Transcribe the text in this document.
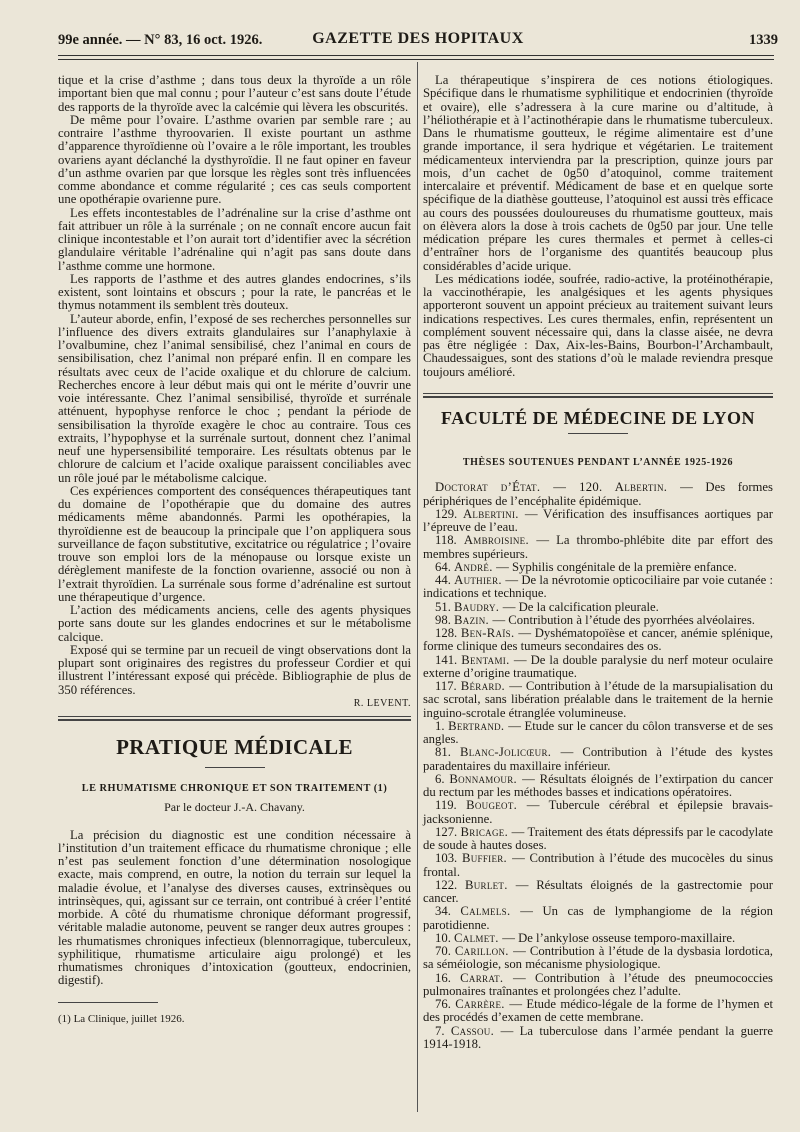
99e année. — N° 83, 16 oct. 1926.	GAZETTE DES HOPITAUX	1339

tique et la crise d’asthme ; dans tous deux la thyroïde a un rôle important bien que mal connu ; pour l’auteur c’est sans doute l’étude des rapports de la thyroïde avec la calcémie qui lèvera les obscurités.

De même pour l’ovaire. L’asthme ovarien par semble rare ; au contraire l’asthme thyroovarien. Il existe pourtant un asthme d’apparence thyroïdienne où l’ovaire a le rôle important, les troubles ovariens ayant déclanché la dysthyroïdie. Il ne faut opiner en faveur d’un asthme ovarien par que lorsque les règles sont très influencées comme abondance et comme régularité ; ces cas seuls comportent une opothérapie ovarienne pure.

Les effets incontestables de l’adrénaline sur la crise d’asthme ont fait attribuer un rôle à la surrénale ; on ne connaît encore aucun fait clinique incontestable et l’on aurait tort d’identifier avec la sécrétion glandulaire véritable l’adrénaline qui n’agit pas sans doute dans l’asthme comme une hormone.

Les rapports de l’asthme et des autres glandes endocrines, s’ils existent, sont lointains et obscurs ; pour la rate, le pancréas et le thymus notamment ils semblent très douteux.

L’auteur aborde, enfin, l’exposé de ses recherches personnelles sur l’influence des divers extraits glandulaires sur l’anaphylaxie à l’ovalbumine, chez l’animal sensibilisé, chez l’animal en cours de sensibilisation, chez l’animal non préparé enfin. Il en compare les résultats avec ceux de l’acide oxalique et du chlorure de calcium. Recherches encore à leur début mais qui ont le mérite d’ouvrir une voie intéressante. Chez l’animal sensibilisé, thyroïde et surrénale atténuent, hypophyse renforce le choc ; pendant la période de sensibilisation la thyroïde exagère le choc au contraire. Tous ces extraits, l’hypophyse et la surrénale surtout, donnent chez l’animal neuf une hypersensibilité temporaire. Les résultats obtenus par le chlorure de calcium et l’acide oxalique paraissent conciliables avec un rôle joué par le métabolisme calcique.

Ces expériences comportent des conséquences thérapeutiques tant du domaine de l’opothérapie que du domaine des autres médicaments même abandonnés. Parmi les opothérapies, la thyroïdienne est de beaucoup la principale que l’on appliquera sous surveillance de façon substitutive, excitatrice ou régulatrice ; l’ovaire trouve son emploi lors de la ménopause ou lorsque existe un dérèglement manifeste de la fonction ovarienne, associé ou non à l’extrait thyroïdien. La surrénale sous forme d’adrénaline est surtout une thérapeutique d’urgence.

L’action des médicaments anciens, celle des agents physiques porte sans doute sur les glandes endocrines et sur le métabolisme calcique.

Exposé qui se termine par un recueil de vingt observations dont la plupart sont originaires des registres du professeur Cordier et qui illustrent l’intéressant exposé qui précède. Bibliographie de plus de 350 références.

R. LEVENT.
PRATIQUE MÉDICALE
LE RHUMATISME CHRONIQUE ET SON TRAITEMENT (1)
Par le docteur J.-A. Chavany.

La précision du diagnostic est une condition nécessaire à l’institution d’un traitement efficace du rhumatisme chronique ; elle n’est pas seulement fonction d’une détermination nosologique exacte, mais comprend, en outre, la notion du terrain sur lequel la maladie évolue, et l’analyse des diverses causes, extrinsèques ou intrinsèques, qui, agissant sur ce terrain, ont contribué à créer l’entité morbide. A côté du rhumatisme chronique déformant progressif, véritable maladie autonome, peuvent se ranger deux autres groupes : les rhumatismes chroniques infectieux (blennorragique, tuberculeux, syphilitique, rhumatisme articulaire aigu prolongé) et les rhumatismes chroniques d’intoxication (goutteux, endocrinien, digestif).

(1) La Clinique, juillet 1926.

La thérapeutique s’inspirera de ces notions étiologiques. Spécifique dans le rhumatisme syphilitique et endocrinien (thyroïde et ovaire), elle s’adressera à la cure marine ou d’altitude, à l’héliothérapie et à l’actinothérapie dans le rhumatisme tuberculeux. Dans le rhumatisme goutteux, le régime alimentaire est d’une grande importance, il sera hydrique et végétarien. Le traitement médicamenteux interviendra par la prescription, quinze jours par mois, d’un cachet de 0g50 d’atoquinol, comme traitement intercalaire et préventif. Médicament de base et en quelque sorte spécifique de la diathèse goutteuse, l’atoquinol est aussi très efficace au cours des poussées douloureuses du rhumatisme goutteux, mais on élèvera alors la dose à trois cachets de 0g50 par jour. Une telle médication prépare les cures thermales et permet à celles-ci d’entraîner hors de l’organisme des quantités beaucoup plus considérables d’acide urique.

Les médications iodée, soufrée, radio-active, la protéinothérapie, la vaccinothérapie, les analgésiques et les agents physiques apporteront souvent un appoint précieux au traitement suivant leurs indications respectives. Les cures thermales, enfin, représentent un complément souvent nécessaire qui, dans la classe aisée, ne devra pas être négligée : Dax, Aix-les-Bains, Bourbon-l’Archambault, Chaudessaigues, sont des stations d’où le malade reviendra presque toujours amélioré.

FACULTÉ DE MÉDECINE DE LYON
THÈSES SOUTENUES PENDANT L’ANNÉE 1925-1926

Doctorat d’État. — 120. Albertin. — Des formes périphériques de l’encéphalite épidémique.

129. Albertini. — Vérification des insuffisances aortiques par l’épreuve de l’eau.

118. Ambroisine. — La thrombo-phlébite dite par effort des membres supérieurs.

64. André. — Syphilis congénitale de la première enfance.

44. Authier. — De la névrotomie opticociliaire par voie cutanée : indications et technique.

51. Baudry. — De la calcification pleurale.

98. Bazin. — Contribution à l’étude des pyorrhées alvéolaires.

128. Ben-Raïs. — Dyshématopoïèse et cancer, anémie splénique, forme clinique des tumeurs secondaires des os.

141. Bentami. — De la double paralysie du nerf moteur oculaire externe d’origine traumatique.

117. Bérard. — Contribution à l’étude de la marsupialisation du sac scrotal, sans libération préalable dans le traitement de la hernie inguino-scrotale étranglée volumineuse.

1. Bertrand. — Etude sur le cancer du côlon transverse et de ses angles.

81. Blanc-Jolicœur. — Contribution à l’étude des kystes paradentaires du maxillaire inférieur.

6. Bonnamour. — Résultats éloignés de l’extirpation du cancer du rectum par les méthodes basses et indications opératoires.

119. Bougeot. — Tubercule cérébral et épilepsie bravais-jacksonienne.

127. Bricage. — Traitement des états dépressifs par le cacodylate de soude à hautes doses.

103. Buffier. — Contribution à l’étude des mucocèles du sinus frontal.

122. Burlet. — Résultats éloignés de la gastrectomie pour cancer.

34. Calmels. — Un cas de lymphangiome de la région parotidienne.

10. Calmet. — De l’ankylose osseuse temporo-maxillaire.

70. Carillon. — Contribution à l’étude de la dysbasia lordotica, sa séméiologie, son mécanisme physiologique.

16. Carrat. — Contribution à l’étude des pneumococcies pulmonaires traînantes et prolongées chez l’adulte.

76. Carrère. — Etude médico-légale de la forme de l’hymen et des procédés d’examen de cette membrane.

7. Cassou. — La tuberculose dans l’armée pendant la guerre 1914-1918.
